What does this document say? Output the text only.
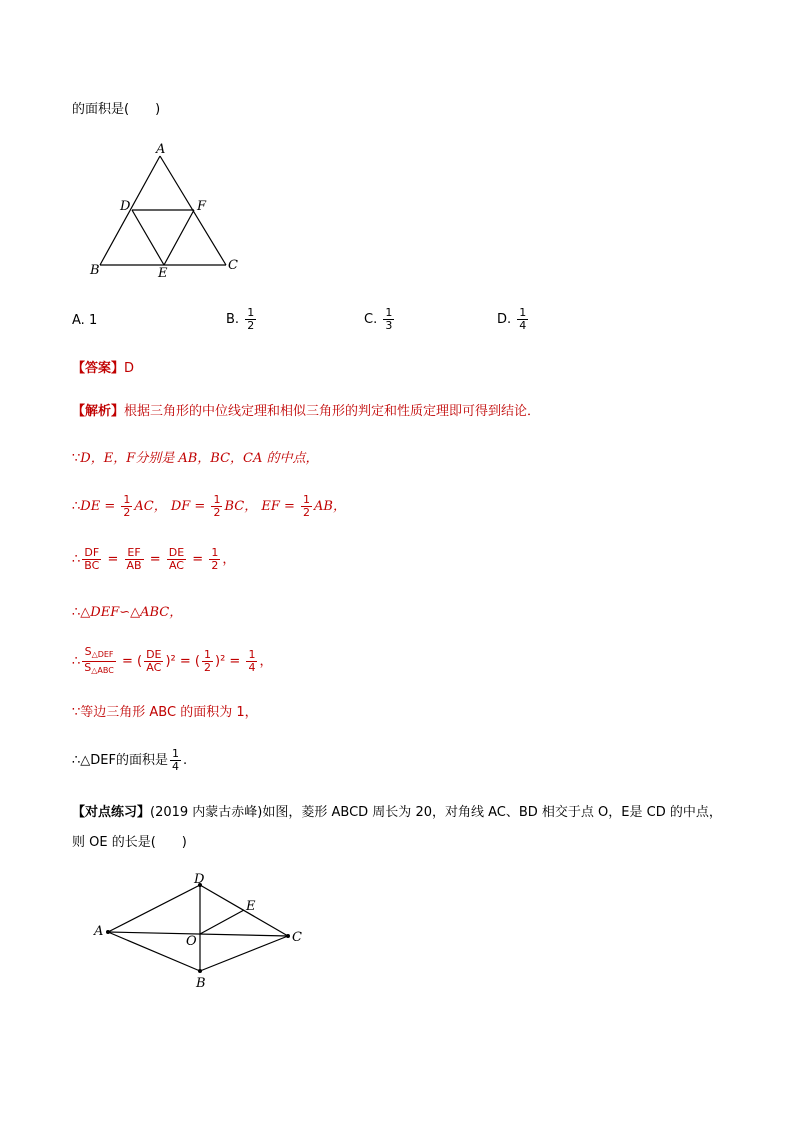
的面积是(　　)
A
B	C
D
E
F
A. 1	B. $\frac{1}{2}$	C. $\frac{1}{3}$	D. $\frac{1}{4}$
【答案】D
【解析】根据三角形的中位线定理和相似三角形的判定和性质定理即可得到结论．
∵D，E，F分别是 AB，BC，CA 的中点，
∴DE = $\frac{1}{2}$ AC， DF = $\frac{1}{2}$ BC， EF = $\frac{1}{2}$ AB，
∴ $\frac{DF}{BC} = \frac{EF}{AB} = \frac{DE}{AC} = \frac{1}{2}$ ，
∴△DEF∽△ABC，
∴ $\frac{S_{\triangle DEF}}{S_{\triangle ABC}}$ = ( $\frac{DE}{AC} )^2$ = ( $\frac{1}{2} )^2 = \frac{1}{4}$ ，
∵等边三角形 ABC 的面积为 1，
∴△DEF的面积是 $\frac{1}{4}$ .
【对点练习】(2019 内蒙古赤峰)如图，菱形 ABCD 周长为 20，对角线 AC、BD 相交于点 O，E是 CD 的中点，
则 OE 的长是(　　)
A
D
C
B
E
O
